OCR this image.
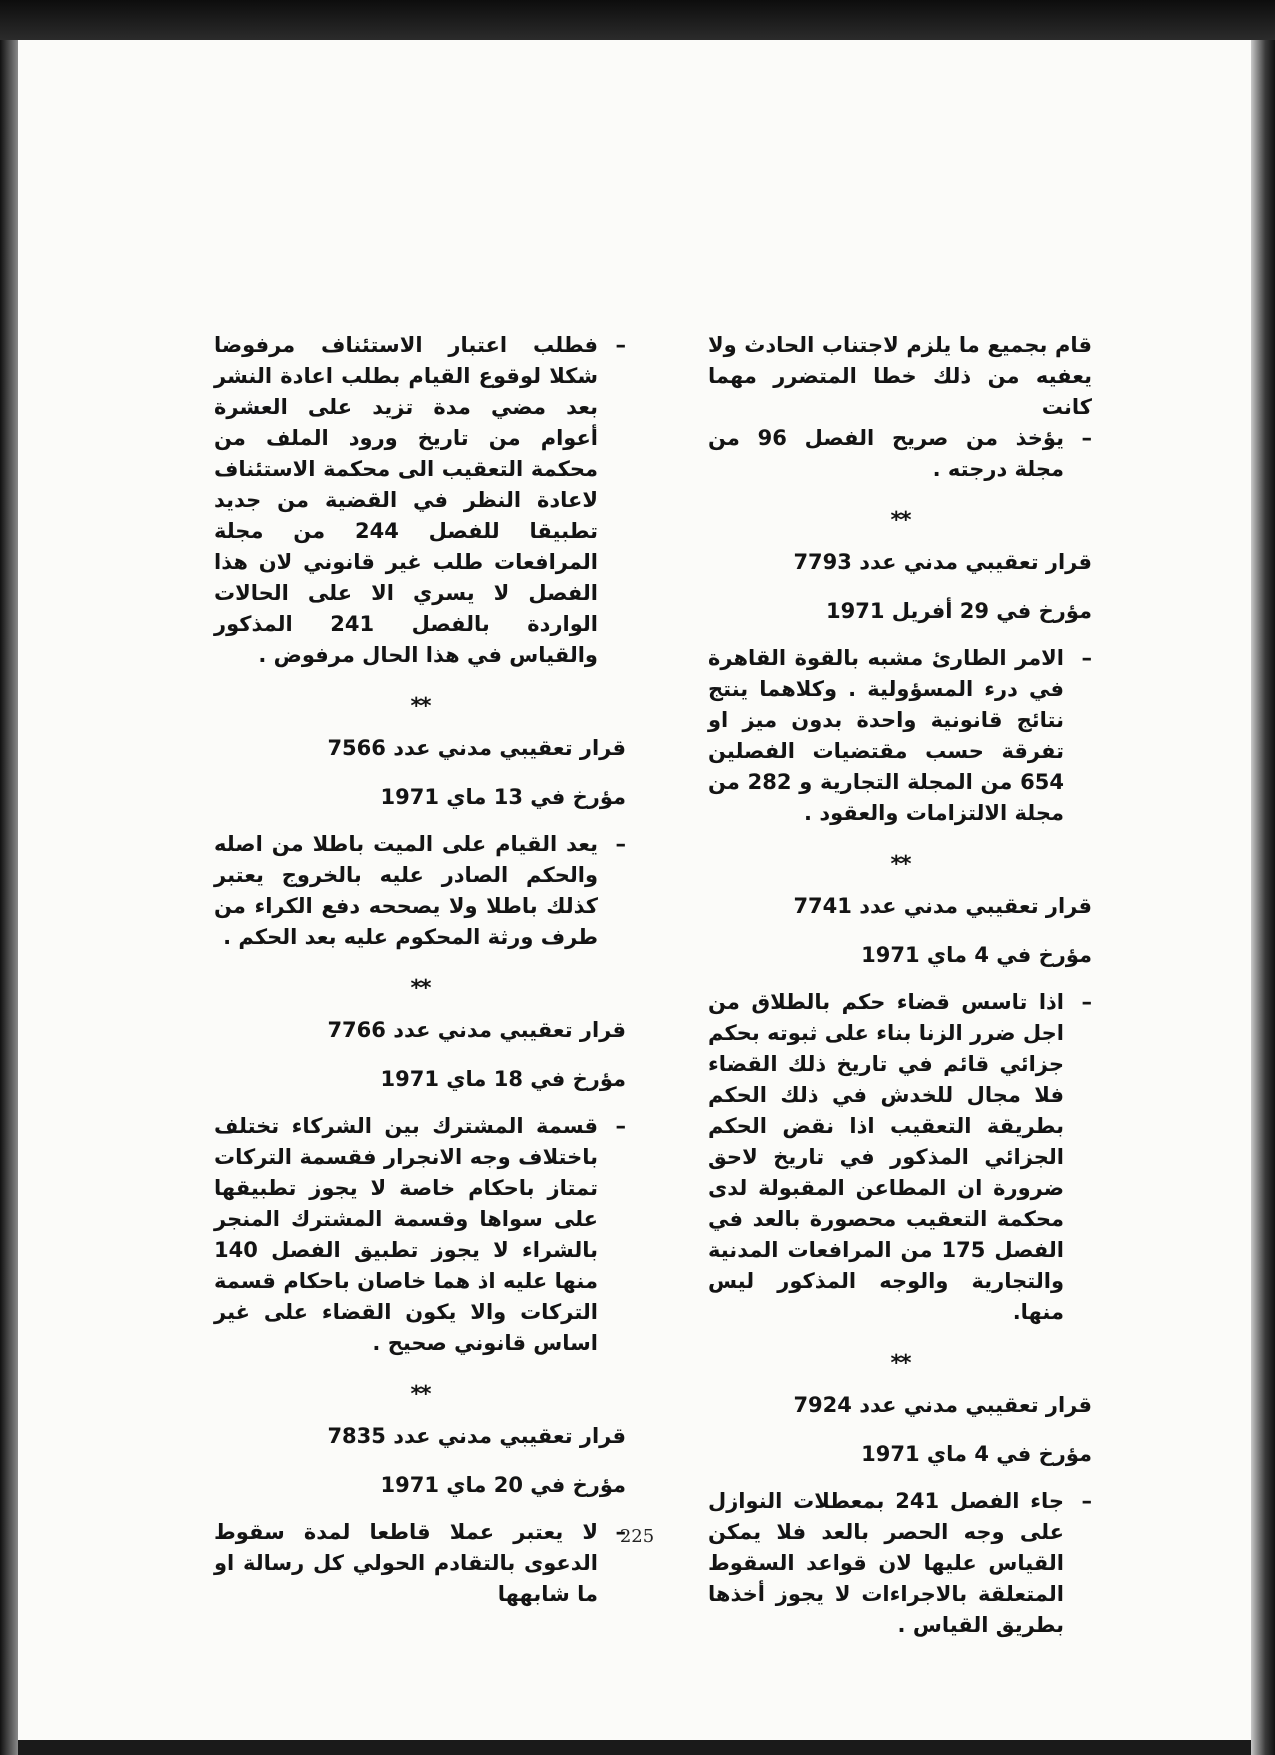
قام بجميع ما يلزم لاجتناب الحادث ولا يعفيه من ذلك خطا المتضرر مهما كانت

– يؤخذ من صريح الفصل 96 من مجلة درجته .

**

قرار تعقيبي مدني عدد 7793

مؤرخ في 29 أفريل 1971

– الامر الطارئ مشبه بالقوة القاهرة في درء المسؤولية . وكلاهما ينتج نتائج قانونية واحدة بدون ميز او تفرقة حسب مقتضيات الفصلين 654 من المجلة التجارية و 282 من مجلة الالتزامات والعقود .

**

قرار تعقيبي مدني عدد 7741

مؤرخ في 4 ماي 1971

– اذا تاسس قضاء حكم بالطلاق من اجل ضرر الزنا بناء على ثبوته بحكم جزائي قائم في تاريخ ذلك القضاء فلا مجال للخدش في ذلك الحكم بطريقة التعقيب اذا نقض الحكم الجزائي المذكور في تاريخ لاحق ضرورة ان المطاعن المقبولة لدى محكمة التعقيب محصورة بالعد في الفصل 175 من المرافعات المدنية والتجارية والوجه المذكور ليس منها.

**

قرار تعقيبي مدني عدد 7924

مؤرخ في 4 ماي 1971

– جاء الفصل 241 بمعطلات النوازل على وجه الحصر بالعد فلا يمكن القياس عليها لان قواعد السقوط المتعلقة بالاجراءات لا يجوز أخذها بطريق القياس .

– فطلب اعتبار الاستئناف مرفوضا شكلا لوقوع القيام بطلب اعادة النشر بعد مضي مدة تزيد على العشرة أعوام من تاريخ ورود الملف من محكمة التعقيب الى محكمة الاستئناف لاعادة النظر في القضية من جديد تطبيقا للفصل 244 من مجلة المرافعات طلب غير قانوني لان هذا الفصل لا يسري الا على الحالات الواردة بالفصل 241 المذكور والقياس في هذا الحال مرفوض .

**

قرار تعقيبي مدني عدد 7566

مؤرخ في 13 ماي 1971

– يعد القيام على الميت باطلا من اصله والحكم الصادر عليه بالخروج يعتبر كذلك باطلا ولا يصححه دفع الكراء من طرف ورثة المحكوم عليه بعد الحكم .

**

قرار تعقيبي مدني عدد 7766

مؤرخ في 18 ماي 1971

– قسمة المشترك بين الشركاء تختلف باختلاف وجه الانجرار فقسمة التركات تمتاز باحكام خاصة لا يجوز تطبيقها على سواها وقسمة المشترك المنجر بالشراء لا يجوز تطبيق الفصل 140 منها عليه اذ هما خاصان باحكام قسمة التركات والا يكون القضاء على غير اساس قانوني صحيح .

**

قرار تعقيبي مدني عدد 7835

مؤرخ في 20 ماي 1971

– لا يعتبر عملا قاطعا لمدة سقوط الدعوى بالتقادم الحولي كل رسالة او ما شابهها

225
